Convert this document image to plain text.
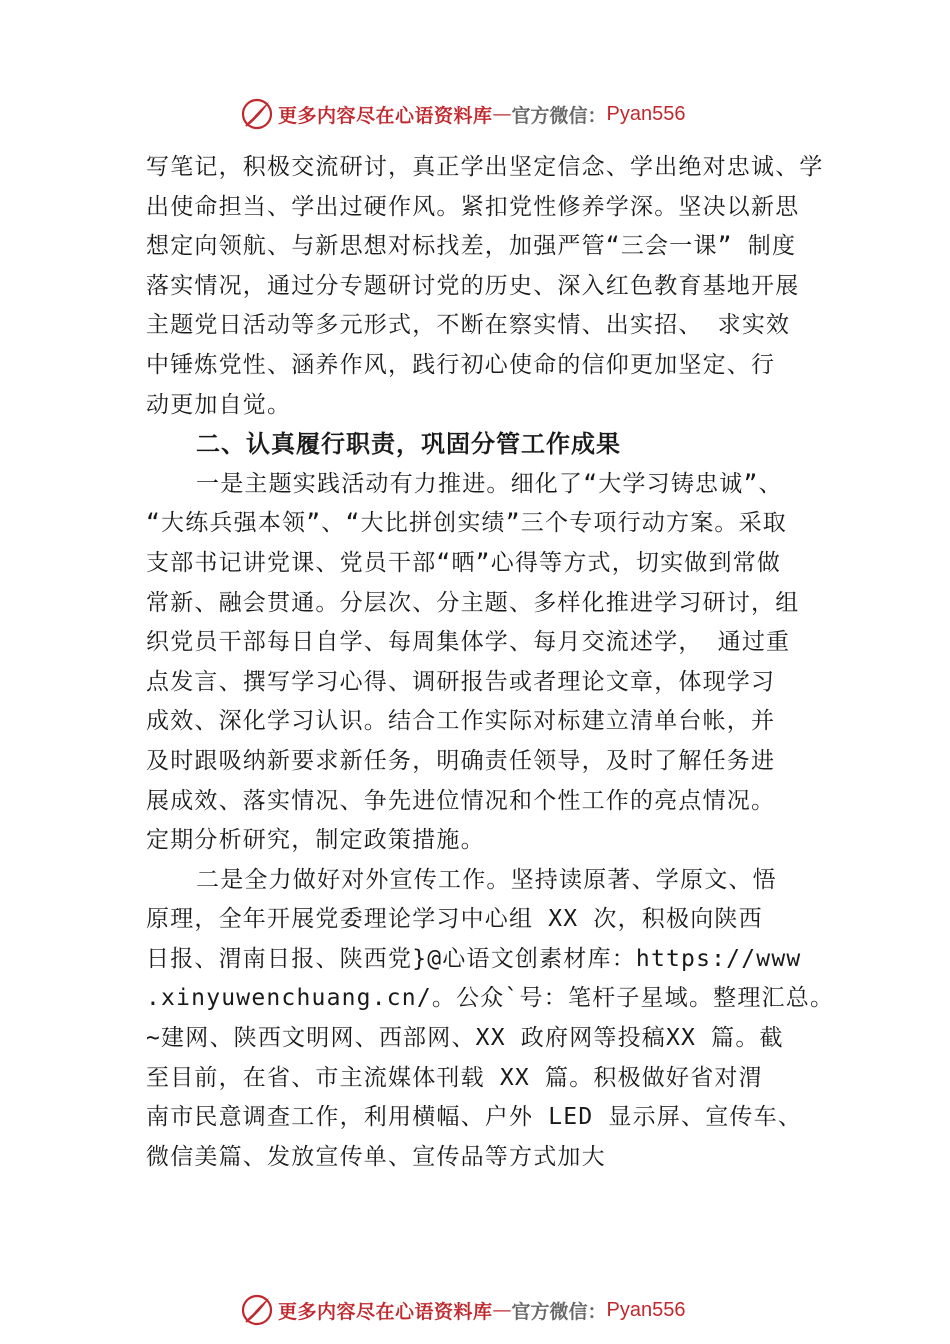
更多内容尽在心语资料库 — 官方微信： Pyan556
写笔记，积极交流研讨，真正学出坚定信念、学出绝对忠诚、学
出使命担当、学出过硬作风。紧扣党性修养学深。坚决以新思
想定向领航、与新思想对标找差，加强严管“三会一课” 制度
落实情况，通过分专题研讨党的历史、深入红色教育基地开展
主题党日活动等多元形式，不断在察实情、出实招、 求实效
中锤炼党性、涵养作风，践行初心使命的信仰更加坚定、行
动更加自觉。
二、认真履行职责，巩固分管工作成果
一是主题实践活动有力推进。细化了“大学习铸忠诚”、
“大练兵强本领”、“大比拼创实绩”三个专项行动方案。采取
支部书记讲党课、党员干部“晒”心得等方式，切实做到常做
常新、融会贯通。分层次、分主题、多样化推进学习研讨，组
织党员干部每日自学、每周集体学、每月交流述学， 通过重
点发言、撰写学习心得、调研报告或者理论文章，体现学习
成效、深化学习认识。结合工作实际对标建立清单台帐，并
及时跟吸纳新要求新任务，明确责任领导，及时了解任务进
展成效、落实情况、争先进位情况和个性工作的亮点情况。
定期分析研究，制定政策措施。
二是全力做好对外宣传工作。坚持读原著、学原文、悟
原理，全年开展党委理论学习中心组 XX 次，积极向陕西
日报、渭南日报、陕西党}@心语文创素材库：https://www
.xinyuwenchuang.cn/。公众`号：笔杆子星域。整理汇总。
~建网、陕西文明网、西部网、XX 政府网等投稿XX 篇。截
至目前，在省、市主流媒体刊载 XX 篇。积极做好省对渭
南市民意调查工作，利用横幅、户外 LED 显示屏、宣传车、
微信美篇、发放宣传单、宣传品等方式加大
更多内容尽在心语资料库 — 官方微信： Pyan556
